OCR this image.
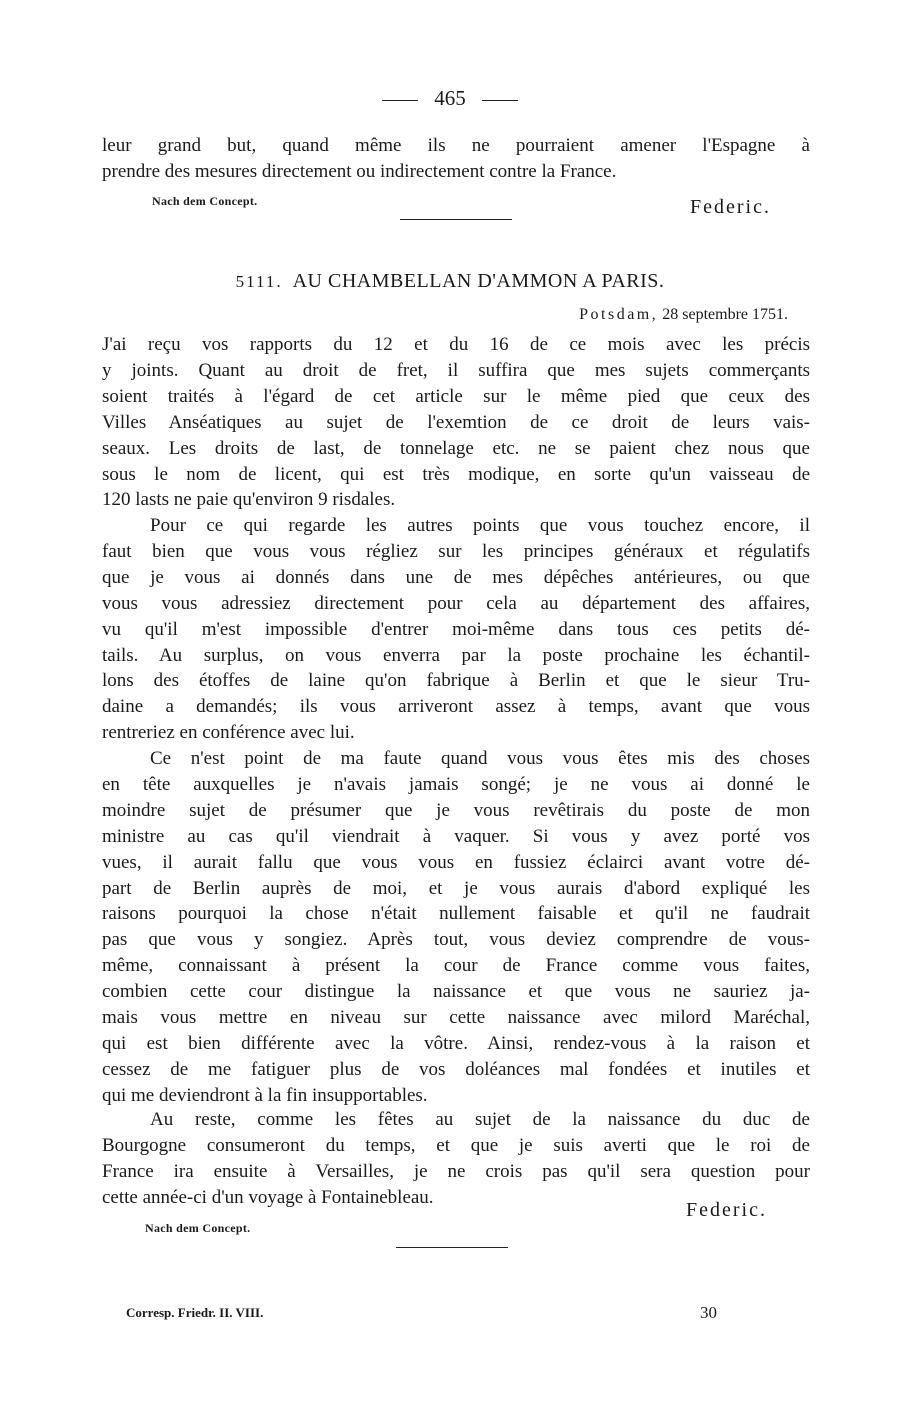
465

leur grand but, quand même ils ne pourraient amener l'Espagne à
prendre des mesures directement ou indirectement contre la France.

Nach dem Concept.	Federic.
5111. AU CHAMBELLAN D'AMMON A PARIS.
Potsdam, 28 septembre 1751.

J'ai reçu vos rapports du 12 et du 16 de ce mois avec les précis
y joints. Quant au droit de fret, il suffira que mes sujets commerçants
soient traités à l'égard de cet article sur le même pied que ceux des
Villes Anséatiques au sujet de l'exemtion de ce droit de leurs vais-
seaux. Les droits de last, de tonnelage etc. ne se paient chez nous que
sous le nom de licent, qui est très modique, en sorte qu'un vaisseau de
120 lasts ne paie qu'environ 9 risdales.

Pour ce qui regarde les autres points que vous touchez encore, il
faut bien que vous vous régliez sur les principes généraux et régulatifs
que je vous ai donnés dans une de mes dépêches antérieures, ou que
vous vous adressiez directement pour cela au département des affaires,
vu qu'il m'est impossible d'entrer moi-même dans tous ces petits dé-
tails. Au surplus, on vous enverra par la poste prochaine les échantil-
lons des étoffes de laine qu'on fabrique à Berlin et que le sieur Tru-
daine a demandés; ils vous arriveront assez à temps, avant que vous
rentreriez en conférence avec lui.

Ce n'est point de ma faute quand vous vous êtes mis des choses
en tête auxquelles je n'avais jamais songé; je ne vous ai donné le
moindre sujet de présumer que je vous revêtirais du poste de mon
ministre au cas qu'il viendrait à vaquer. Si vous y avez porté vos
vues, il aurait fallu que vous vous en fussiez éclairci avant votre dé-
part de Berlin auprès de moi, et je vous aurais d'abord expliqué les
raisons pourquoi la chose n'était nullement faisable et qu'il ne faudrait
pas que vous y songiez. Après tout, vous deviez comprendre de vous-
même, connaissant à présent la cour de France comme vous faites,
combien cette cour distingue la naissance et que vous ne sauriez ja-
mais vous mettre en niveau sur cette naissance avec milord Maréchal,
qui est bien différente avec la vôtre. Ainsi, rendez-vous à la raison et
cessez de me fatiguer plus de vos doléances mal fondées et inutiles et
qui me deviendront à la fin insupportables.

Au reste, comme les fêtes au sujet de la naissance du duc de
Bourgogne consumeront du temps, et que je suis averti que le roi de
France ira ensuite à Versailles, je ne crois pas qu'il sera question pour
cette année-ci d'un voyage à Fontainebleau.

Federic.
Nach dem Concept.
Corresp. Friedr. II. VIII.	30
